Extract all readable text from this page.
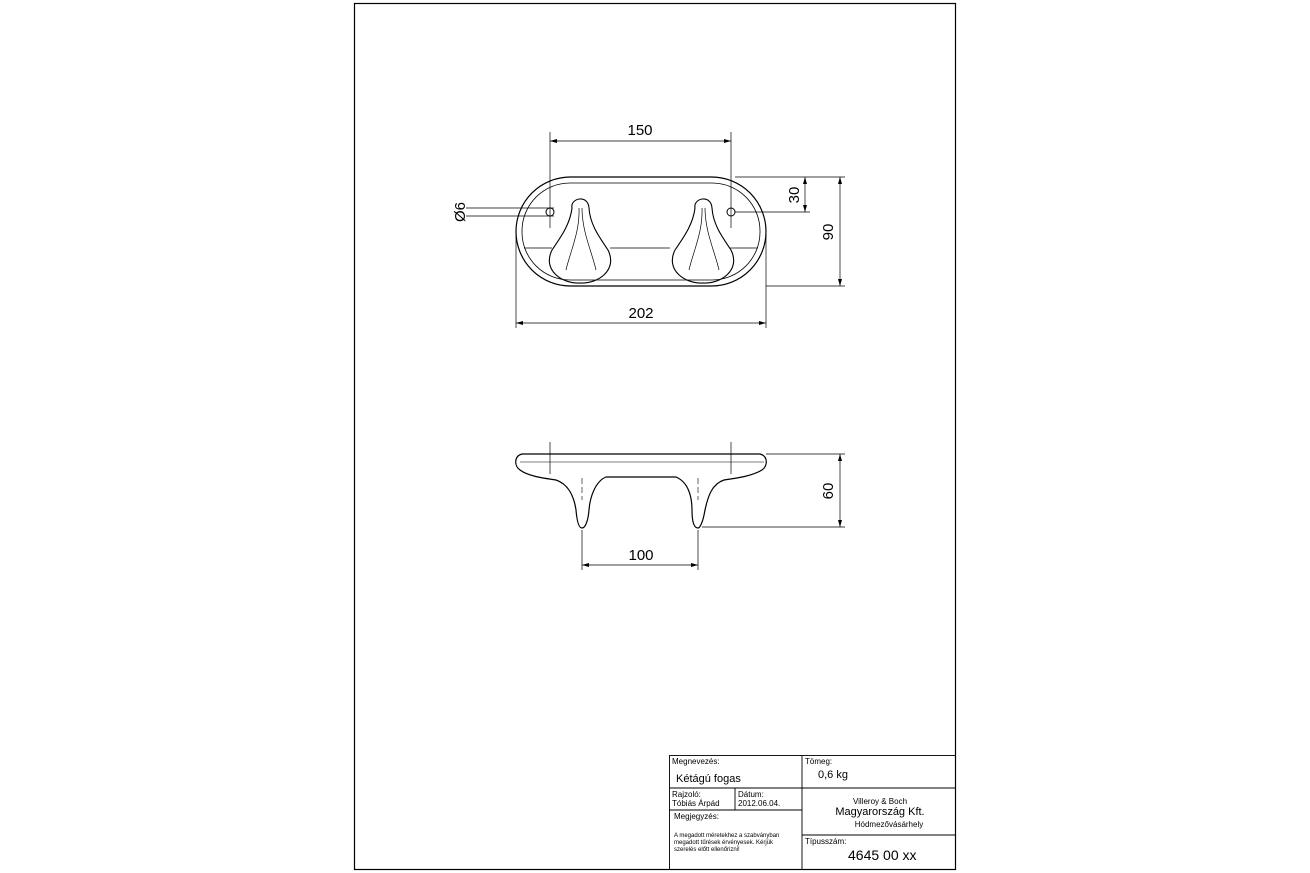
150
Ø6
30
90
202
60
100
Megnevezés:
Kétágú fogas
Tömeg:
0,6 kg
Rajzoló:
Tóbiás Árpád
Dátum:
2012.06.04.	Villeroy & Boch
Magyarország Kft.
Hódmezővásárhely
Megjegyzés:
A megadott méretekhez a szabványban
megadott tűrések érvényesek. Kérjük
szerelés előtt ellenőrizni!
Típusszám:
4645 00 xx
